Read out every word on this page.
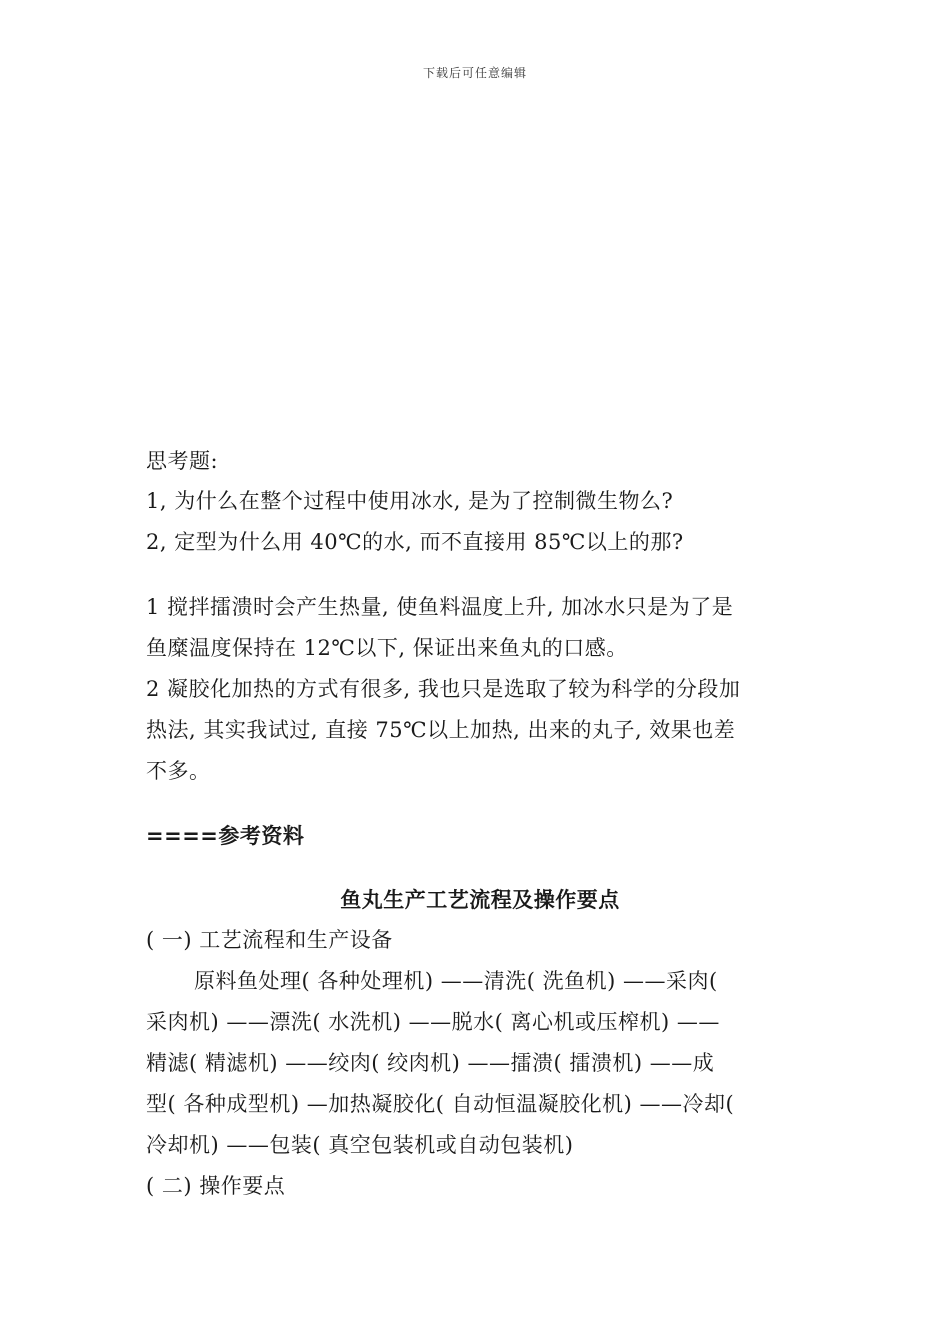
下载后可任意编辑
思考题:
1, 为什么在整个过程中使用冰水, 是为了控制微生物么?
2, 定型为什么用 40℃的水, 而不直接用 85℃以上的那?
1 搅拌擂溃时会产生热量, 使鱼料温度上升, 加冰水只是为了是
鱼糜温度保持在 12℃以下, 保证出来鱼丸的口感。
2 凝胶化加热的方式有很多, 我也只是选取了较为科学的分段加
热法, 其实我试过, 直接 75℃以上加热, 出来的丸子, 效果也差
不多。
====参考资料
鱼丸生产工艺流程及操作要点
( 一) 工艺流程和生产设备
原料鱼处理( 各种处理机) ——清洗( 洗鱼机) ——采肉(
采肉机) ——漂洗( 水洗机) ——脱水( 离心机或压榨机) ——
精滤( 精滤机) ——绞肉( 绞肉机) ——擂溃( 擂溃机) ——成
型( 各种成型机) —加热凝胶化( 自动恒温凝胶化机) ——冷却(
冷却机) ——包装( 真空包装机或自动包装机)
( 二) 操作要点
